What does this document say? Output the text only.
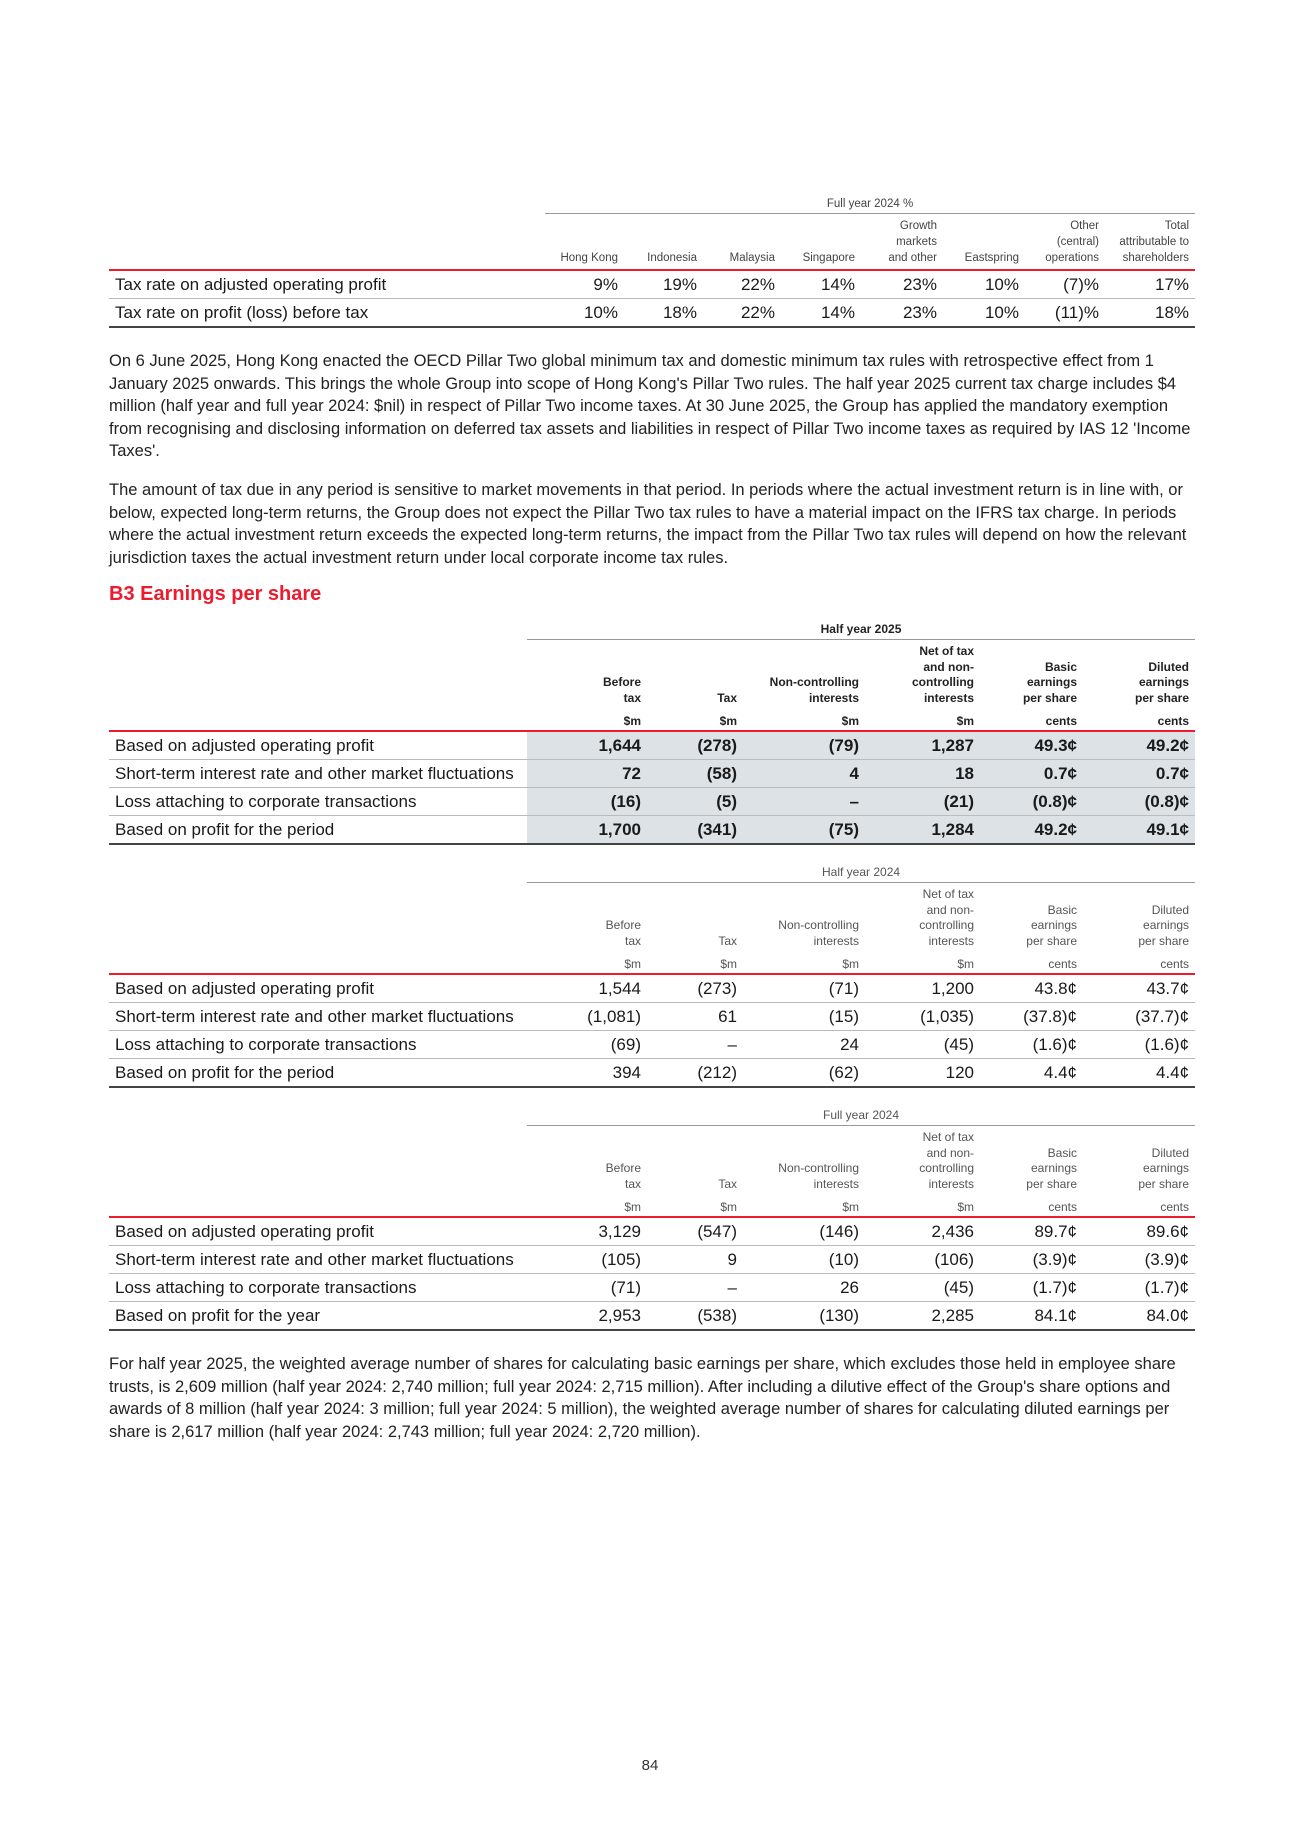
	Full year 2024 %							
	Hong Kong	Indonesia	Malaysia	Singapore	Growth
markets
and other	Eastspring	Other
(central)
operations	Total
attributable to
shareholders
Tax rate on adjusted operating profit	9%	19%	22%	14%	23%	10%	(7)%	17%
Tax rate on profit (loss) before tax	10%	18%	22%	14%	23%	10%	(11)%	18%

On 6 June 2025, Hong Kong enacted the OECD Pillar Two global minimum tax and domestic minimum tax rules with retrospective effect from 1 January 2025 onwards. This brings the whole Group into scope of Hong Kong's Pillar Two rules. The half year 2025 current tax charge includes $4 million (half year and full year 2024: $nil) in respect of Pillar Two income taxes. At 30 June 2025, the Group has applied the mandatory exemption from recognising and disclosing information on deferred tax assets and liabilities in respect of Pillar Two income taxes as required by IAS 12 'Income Taxes'.

The amount of tax due in any period is sensitive to market movements in that period. In periods where the actual investment return is in line with, or below, expected long-term returns, the Group does not expect the Pillar Two tax rules to have a material impact on the IFRS tax charge. In periods where the actual investment return exceeds the expected long-term returns, the impact from the Pillar Two tax rules will depend on how the relevant jurisdiction taxes the actual investment return under local corporate income tax rules.

B3 Earnings per share
	Half year 2025					
	Before
tax	Tax	Non-controlling
interests	Net of tax
and non-
controlling
interests	Basic
earnings
per share	Diluted
earnings
per share
	$m	$m	$m	$m	cents	cents
Based on adjusted operating profit	1,644	(278)	(79)	1,287	49.3¢	49.2¢
Short-term interest rate and other market fluctuations	72	(58)	4	18	0.7¢	0.7¢
Loss attaching to corporate transactions	(16)	(5)	–	(21)	(0.8)¢	(0.8)¢
Based on profit for the period	1,700	(341)	(75)	1,284	49.2¢	49.1¢
	Half year 2024					
	Before
tax	Tax	Non-controlling
interests	Net of tax
and non-
controlling
interests	Basic
earnings
per share	Diluted
earnings
per share
	$m	$m	$m	$m	cents	cents
Based on adjusted operating profit	1,544	(273)	(71)	1,200	43.8¢	43.7¢
Short-term interest rate and other market fluctuations	(1,081)	61	(15)	(1,035)	(37.8)¢	(37.7)¢
Loss attaching to corporate transactions	(69)	–	24	(45)	(1.6)¢	(1.6)¢
Based on profit for the period	394	(212)	(62)	120	4.4¢	4.4¢
	Full year 2024					
	Before
tax	Tax	Non-controlling
interests	Net of tax
and non-
controlling
interests	Basic
earnings
per share	Diluted
earnings
per share
	$m	$m	$m	$m	cents	cents
Based on adjusted operating profit	3,129	(547)	(146)	2,436	89.7¢	89.6¢
Short-term interest rate and other market fluctuations	(105)	9	(10)	(106)	(3.9)¢	(3.9)¢
Loss attaching to corporate transactions	(71)	–	26	(45)	(1.7)¢	(1.7)¢
Based on profit for the year	2,953	(538)	(130)	2,285	84.1¢	84.0¢

For half year 2025, the weighted average number of shares for calculating basic earnings per share, which excludes those held in employee share trusts, is 2,609 million (half year 2024: 2,740 million; full year 2024: 2,715 million). After including a dilutive effect of the Group's share options and awards of 8 million (half year 2024: 3 million; full year 2024: 5 million), the weighted average number of shares for calculating diluted earnings per share is 2,617 million (half year 2024: 2,743 million; full year 2024: 2,720 million).

84
